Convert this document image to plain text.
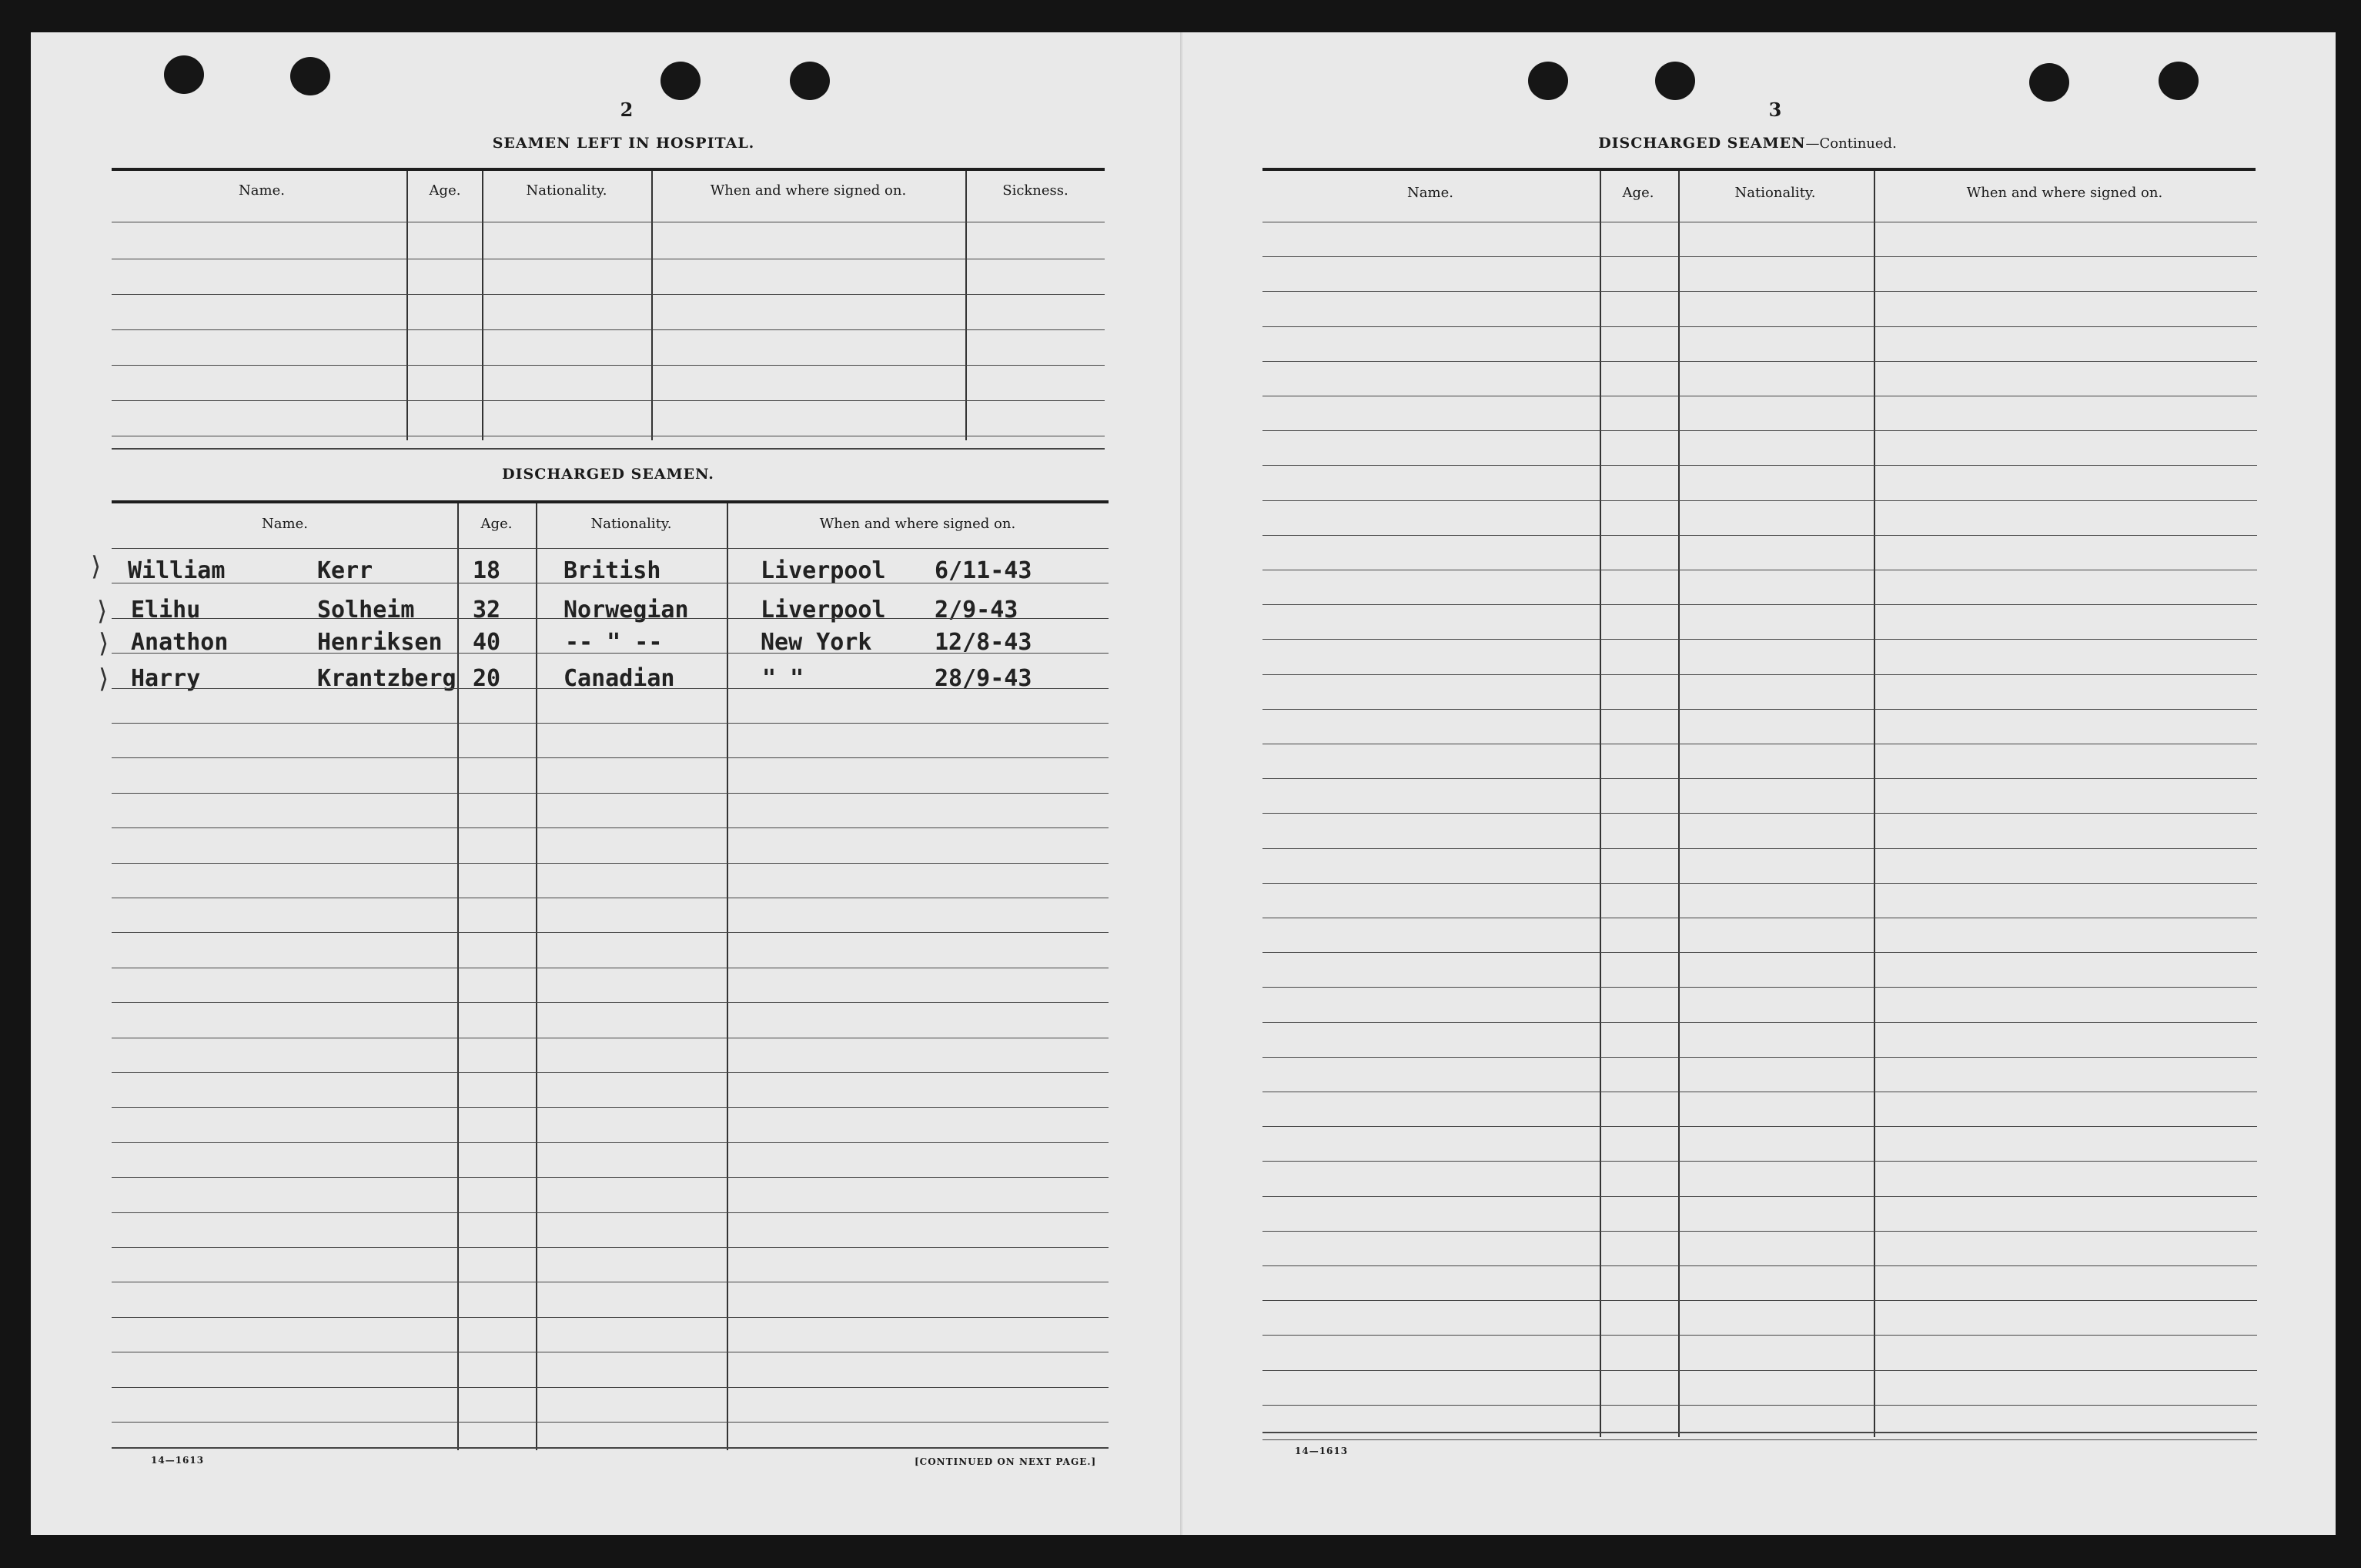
2
SEAMEN LEFT IN HOSPITAL.
Name.	Age.	Nationality.	When and where signed on.	Sickness.
DISCHARGED SEAMEN.
Name.	Age.	Nationality.	When and where signed on.
William	Kerr	18	British	Liverpool 6/11-43
Elihu	Solheim	32	Norwegian	Liverpool 2/9-43
Anathon	Henriksen 40	-- " --	New York	12/8-43
Harry	Krantzberg 20	Canadian	" "	28/9-43
⟩
⟩
⟩
⟩
14—1613	[CONTINUED ON NEXT PAGE.]
3
DISCHARGED SEAMEN—Continued.
Name.	Age.	Nationality.	When and where signed on.
14—1613
